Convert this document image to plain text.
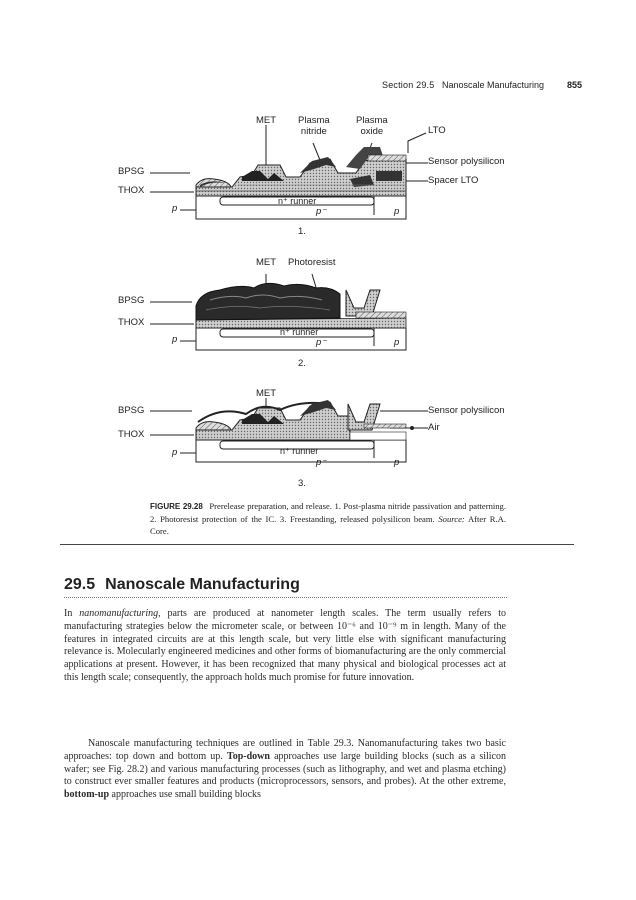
Section 29.5 Nanoscale Manufacturing	855
MET Plasma
nitride
Plasma
oxide	LTO
BPSG
Sensor polysilicon
THOX
Spacer LTO
p
n⁺ runner
p⁻	p
1.
MET Photoresist
BPSG
THOX
p
n⁺ runner
p⁻	p
2.
MET
BPSG	Sensor polysilicon
Air
THOX
p	n⁺ runner
p⁻	p
3.
FIGURE 29.28 Prerelease preparation, and release. 1. Post-plasma nitride passivation and patterning. 2. Photoresist protection of the IC. 3. Freestanding, released polysilicon beam. Source: After R.A. Core.
29.5 Nanoscale Manufacturing
In nanomanufacturing, parts are produced at nanometer length scales. The term usually refers to manufacturing strategies below the micrometer scale, or between 10⁻⁶ and 10⁻⁹ m in length. Many of the features in integrated circuits are at this length scale, but very little else with significant manufacturing relevance is. Molecularly engineered medicines and other forms of biomanufacturing are the only commercial applications at present. However, it has been recognized that many physical and biological processes act at this length scale; consequently, the approach holds much promise for future innovation.
Nanoscale manufacturing techniques are outlined in Table 29.3. Nanomanufacturing takes two basic approaches: top down and bottom up. Top-down approaches use large building blocks (such as a silicon wafer; see Fig. 28.2) and various manufacturing processes (such as lithography, and wet and plasma etching) to construct ever smaller features and products (microprocessors, sensors, and probes). At the other extreme, bottom-up approaches use small building blocks
